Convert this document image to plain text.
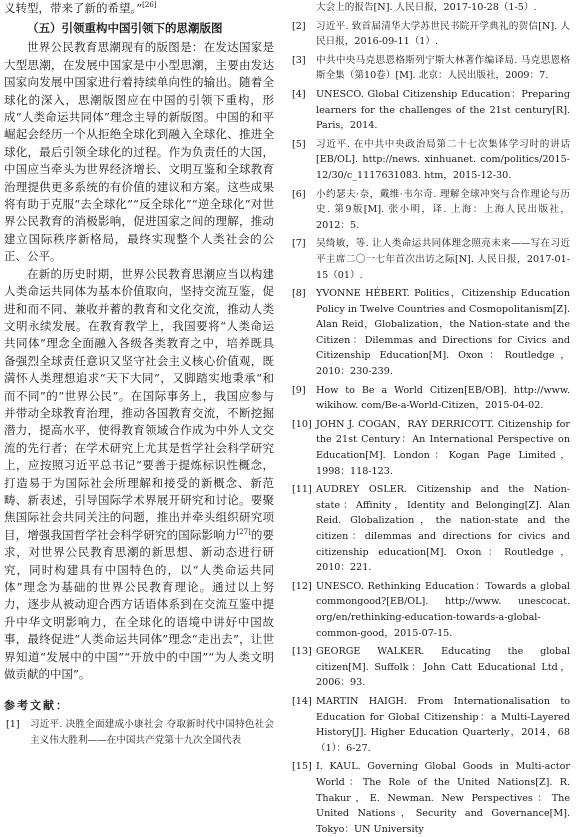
义转型，带来了新的希望。”[26]

（五）引领重构中国引领下的思潮版图

世界公民教育思潮现有的版图是：在发达国家是大型思潮，在发展中国家是中小型思潮，主要由发达国家向发展中国家进行着持续单向性的输出。随着全球化的深入，思潮版图应在中国的引领下重构，形成“人类命运共同体”理念主导的新版图。中国的和平崛起会经历一个从拒绝全球化到融入全球化、推进全球化，最后引领全球化的过程。作为负责任的大国，中国应当牵头为世界经济增长、文明互鉴和全球教育治理提供更多系统的有价值的建议和方案。这些成果将有助于克服“去全球化”“反全球化”“逆全球化”对世界公民教育的消极影响，促进国家之间的理解，推动建立国际秩序新格局，最终实现整个人类社会的公正、公平。

在新的历史时期，世界公民教育思潮应当以构建人类命运共同体为基本价值取向，坚持交流互鉴，促进和而不同、兼收并蓄的教育和文化交流，推动人类文明永续发展。在教育教学上，我国要将“人类命运共同体”理念全面融入各级各类教育之中，培养既具备强烈全球责任意识又坚守社会主义核心价值观，既満怀人类理想追求“天下大同”，又脚踏实地秉承“和而不同”的“世界公民”。在国际事务上，我国应参与并带动全球教育治理，推动各国教育交流，不断挖掘潜力，提高水平，使得教育领域合作成为中外人文交流的先行者；在学术研究上尤其是哲学社会科学研究上，应按照习近平总书记“要善于提炼标识性概念，打造易于为国际社会所理解和接受的新概念、新范畴、新表述，引导国际学术界展开研究和讨论。要聚焦国际社会共同关注的问题，推出并牵头组织研究项目，增强我国哲学社会科学研究的国际影响力[27]的要求，对世界公民教育思潮的新思想、新动态进行研究，同时构建具有中国特色的，以“人类命运共同体”理念为基础的世界公民教育理论。通过以上努力，逐步从被动迎合西方话语体系到在交流互鉴中提升中华文明影响力，在全球化的语境中讲好中国故事，最终促进“人类命运共同体”理念“走出去”，让世界知道“发展中的中国”“开放中的中国”“为人类文明做贡献的中国”。

参考文献：

[1] 习近平. 决胜全面建成小康社会 夺取新时代中国特色社会主义伟大胜利——在中国共产党第十九次全国代表

大会上的报告[N]. 人民日报，2017-10-28（1-5）.

[2] 习近平. 致首届清华大学苏世民书院开学典礼的贺信[N]. 人民日报，2016-09-11（1）.

[3] 中共中央马克思恩格斯列宁斯大林著作编译局. 马克思恩格斯全集（第10卷）[M]. 北京：人民出版社，2009：7.

[4] UNESCO. Global Citizenship Education：Preparing learners for the challenges of the 21st century[R]. Paris，2014.

[5] 习近平. 在中共中央政治局第二十七次集体学习时的讲话[EB/OL]. http://news. xinhuanet. com/politics/2015-12/30/c_1117631083. htm，2015-12-30.

[6] 小约瑟夫·奈，戴维·韦尔奇. 理解全球冲突与合作理论与历史. 第9版[M]. 张小明，译. 上海：上海人民出版社，2012：5.

[7] 吴绮敏，等. 让人类命运共同体理念照亮未来——写在习近平主席二〇一七年首次出访之际[N]. 人民日报，2017-01-15（01）.

[8] YVONNE HÉBERT. Politics，Citizenship Education Policy in Twelve Countries and Cosmopolitanism[Z]. Alan Reid，Globalization，the Nation-state and the Citizen：Dilemmas and Directions for Civics and Citizenship Education[M]. Oxon：Routledge，2010：230-239.

[9] How to Be a World Citizen[EB/OB]. http://www. wikihow. com/Be-a-World-Citizen，2015-04-02.

[10] JOHN J. COGAN，RAY DERRICOTT. Citizenship for the 21st Century：An International Perspective on Education[M]. London：Kogan Page Limited，1998：118-123.

[11] AUDREY OSLER. Citizenship and the Nation-state：Affinity，Identity and Belonging[Z]. Alan Reid. Globalization，the nation-state and the citizen：dilemmas and directions for civics and citizenship education[M]. Oxon：Routledge，2010：221.

[12] UNESCO. Rethinking Education：Towards a global commongood?[EB/OL]. http://www. unescocat. org/en/rethinking-education-towards-a-global-common-good，2015-07-15.

[13] GEORGE WALKER. Educating the global citizen[M]. Suffolk：John Catt Educational Ltd，2006：93.

[14] MARTIN HAIGH. From Internationalisation to Education for Global Citizenship：a Multi-Layered History[J]. Higher Education Quarterly，2014，68（1）：6-27.

[15] I. KAUL. Governing Global Goods in Multi-actor World：The Role of the United Nations[Z]. R. Thakur，E. Newman. New Perspectives：The United Nations，Security and Governance[M]. Tokyo：UN University
